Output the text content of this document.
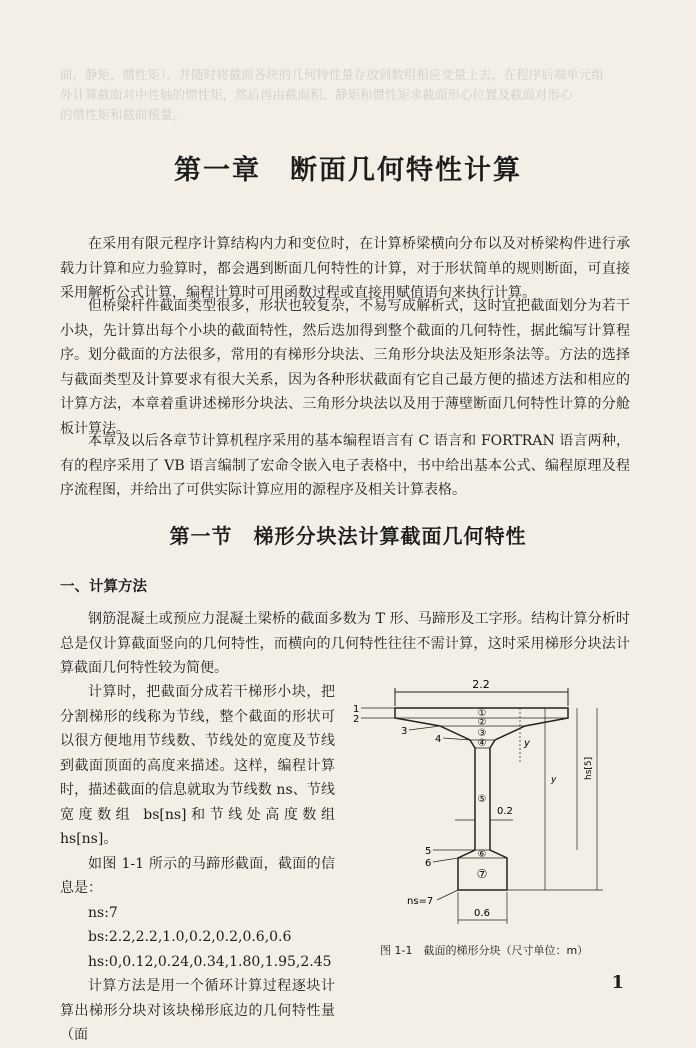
面，静矩，惯性矩），并随时将截面各块的几何特性量存放到数组相应变量上去，在程序后端单元组
外计算截面对中性轴的惯性矩，然后再由截面积、静矩和惯性矩求截面形心位置及截面对形心
的惯性矩和截面模量。
第一章　断面几何特性计算
在采用有限元程序计算结构内力和变位时，在计算桥梁横向分布以及对桥梁构件进行承载力计算和应力验算时，都会遇到断面几何特性的计算，对于形状简单的规则断面，可直接采用解析公式计算，编程计算时可用函数过程或直接用赋值语句来执行计算。
但桥梁杆件截面类型很多，形状也较复杂，不易写成解析式，这时宜把截面划分为若干小块，先计算出每个小块的截面特性，然后迭加得到整个截面的几何特性，据此编写计算程序。 划分截面的方法很多，常用的有梯形分块法、三角形分块法及矩形条法等。方法的选择与截面类型及计算要求有很大关系，因为各种形状截面有它自己最方便的描述方法和相应的计算方法，本章着重讲述梯形分块法、三角形分块法以及用于薄壁断面几何特性计算的分舱板计算法。
本章及以后各章节计算机程序采用的基本编程语言有 C 语言和 FORTRAN 语言两种，有的程序采用了 VB 语言编制了宏命令嵌入电子表格中，书中给出基本公式、编程原理及程序流程图，并给出了可供实际计算应用的源程序及相关计算表格。
第一节　梯形分块法计算截面几何特性
一、计算方法
钢筋混凝土或预应力混凝土梁桥的截面多数为 T 形、马蹄形及工字形。结构计算分析时总是仅计算截面竖向的几何特性，而横向的几何特性往往不需计算，这时采用梯形分块法计算截面几何特性较为简便。

计算时，把截面分成若干梯形小块，把分割梯形的线称为节线，整个截面的形状可以很方便地用节线数、节线处的宽度及节线到截面顶面的高度来描述。这样，编程计算时，描述截面的信息就取为节线数 ns、节线宽度数组 bs[ns]和节线处高度数组 hs[ns]。

如图 1-1 所示的马蹄形截面，截面的信息是：

ns:7

bs:2.2,2.2,1.0,0.2,0.2,0.6,0.6

hs:0,0.12,0.24,0.34,1.80,1.95,2.45

计算方法是用一个循环计算过程逐块计算出梯形分块对该块梯形底边的几何特性量（面

2.2
①
②
③
④
⑤
⑥
⑦
1
2
3
4
5
6
ns=7
y
y	hs[5]
0.2
0.6
图 1-1　截面的梯形分块（尺寸单位：m）
1
